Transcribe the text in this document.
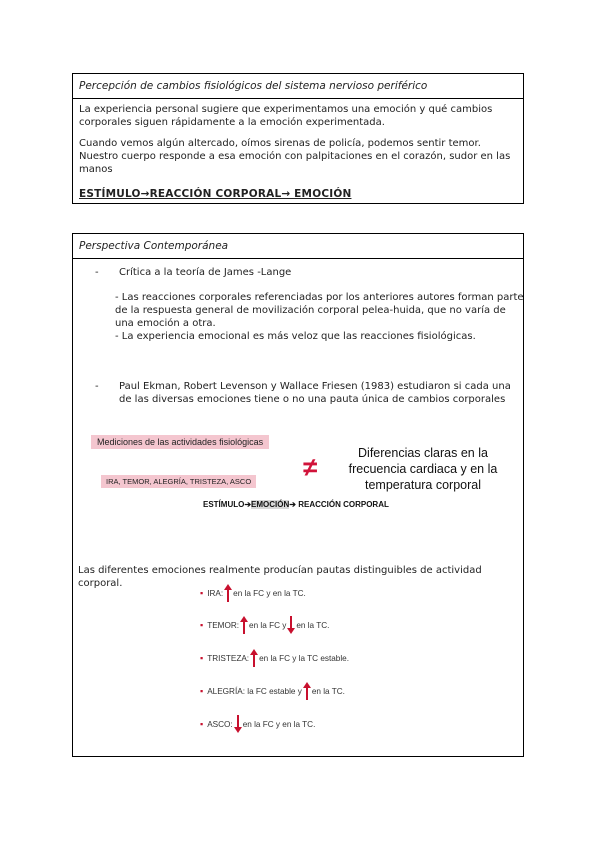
Percepción de cambios fisiológicos del sistema nervioso periférico

La experiencia personal sugiere que experimentamos una emoción y qué cambios corporales siguen rápidamente a la emoción experimentada.

Cuando vemos algún altercado, oímos sirenas de policía, podemos sentir temor. Nuestro cuerpo responde a esa emoción con palpitaciones en el corazón, sudor en las manos

ESTÍMULO→REACCIÓN CORPORAL→ EMOCIÓN
Perspectiva Contemporánea
- Crítica a la teoría de James -Lange
- Las reacciones corporales referenciadas por los anteriores autores forman parte de la respuesta general de movilización corporal pelea-huida, que no varía de una emoción a otra.
- La experiencia emocional es más veloz que las reacciones fisiológicas.
-	Paul Ekman, Robert Levenson y Wallace Friesen (1983) estudiaron si cada una de las diversas emociones tiene o no una pauta única de cambios corporales
Mediciones de las actividades fisiológicas
IRA, TEMOR, ALEGRÍA, TRISTEZA, ASCO ≠	Diferencias claras en la frecuencia cardiaca y en la temperatura corporal
ESTÍMULO➔EMOCIÓN➔ REACCIÓN CORPORAL
Las diferentes emociones realmente producían pautas distinguibles de actividad corporal.
▪ IRA: en la FC y en la TC.
▪ TEMOR: en la FC y en la TC.
▪ TRISTEZA: en la FC y la TC estable.
▪ ALEGRÍA: la FC estable y en la TC.
▪ ASCO: en la FC y en la TC.
